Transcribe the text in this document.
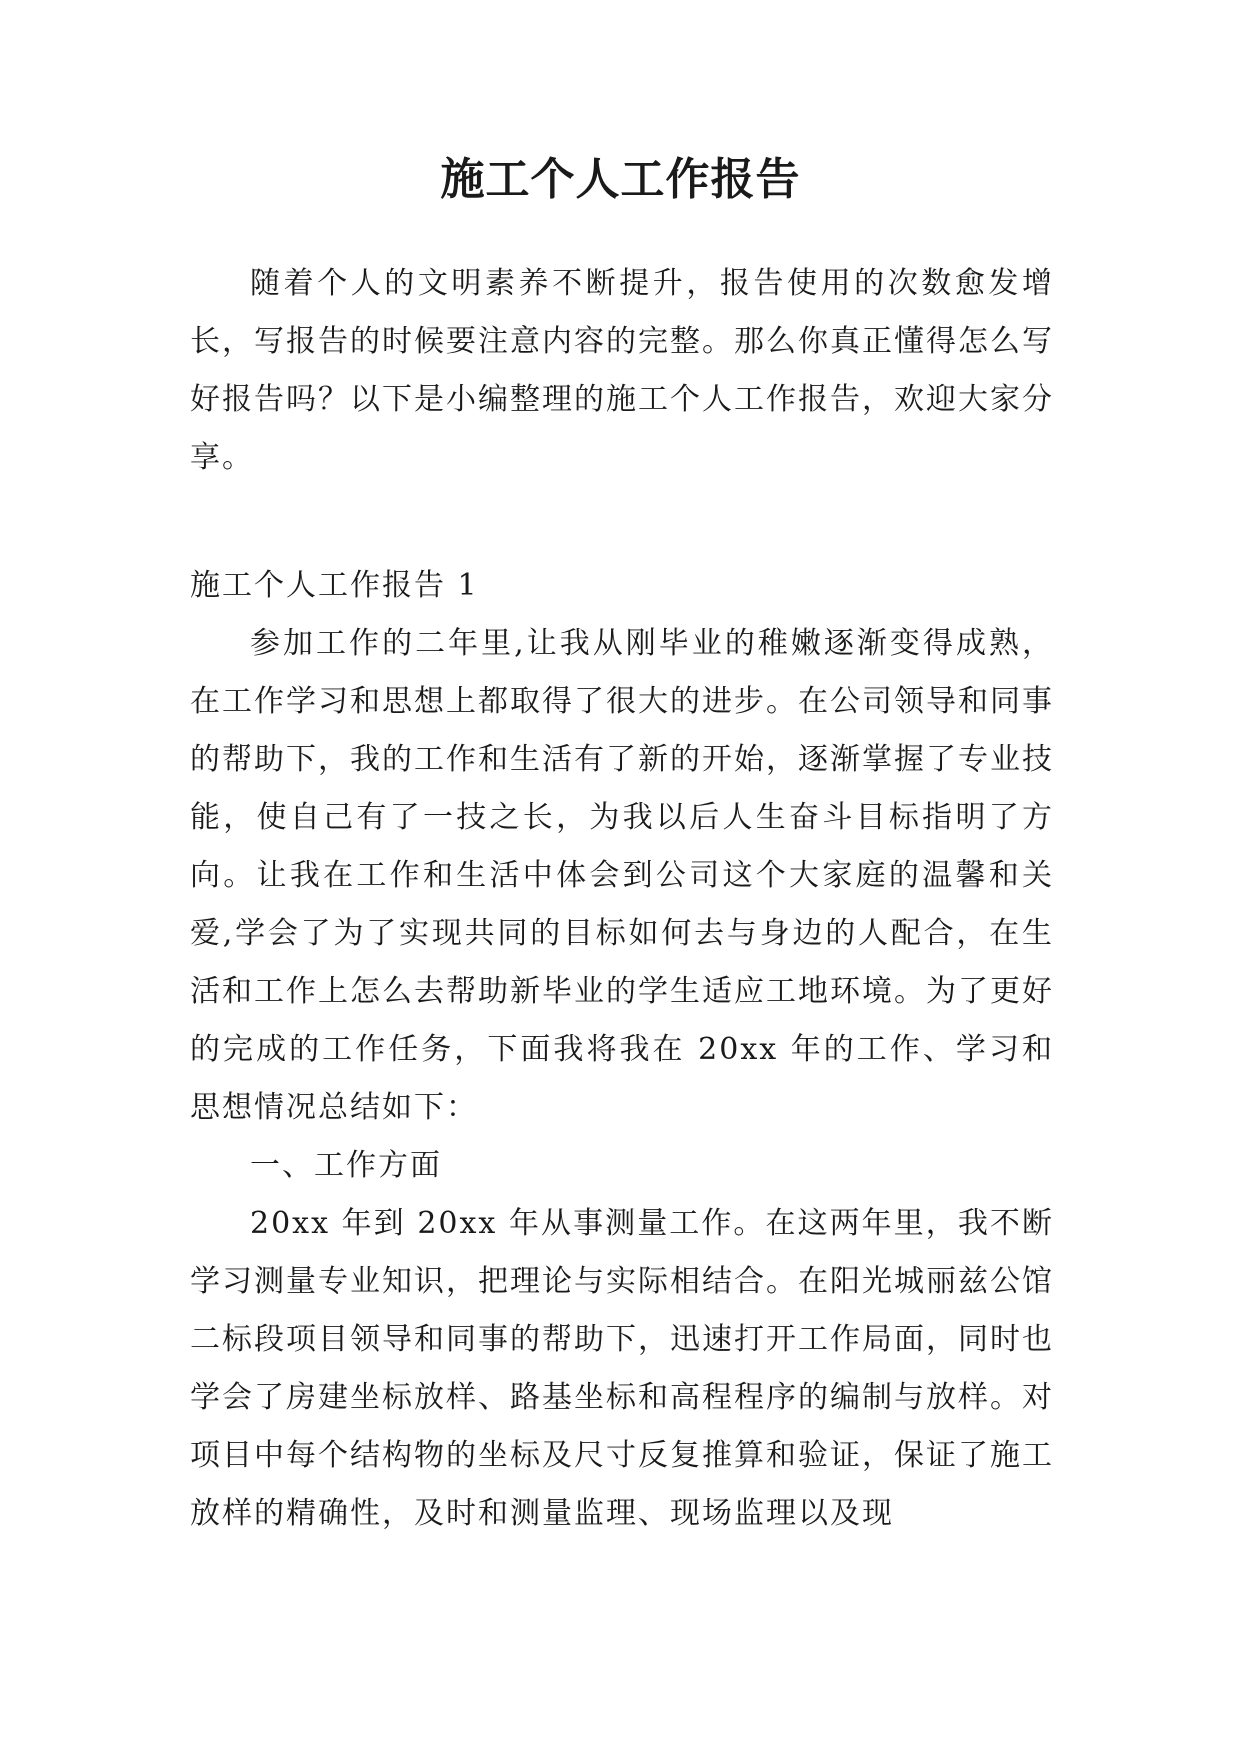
施工个人工作报告

随着个人的文明素养不断提升，报告使用的次数愈发增长，写报告的时候要注意内容的完整。那么你真正懂得怎么写好报告吗？以下是小编整理的施工个人工作报告，欢迎大家分享。

施工个人工作报告 1

参加工作的二年里,让我从刚毕业的稚嫩逐渐变得成熟，在工作学习和思想上都取得了很大的进步。在公司领导和同事的帮助下，我的工作和生活有了新的开始，逐渐掌握了专业技能，使自己有了一技之长，为我以后人生奋斗目标指明了方向。让我在工作和生活中体会到公司这个大家庭的温馨和关爱,学会了为了实现共同的目标如何去与身边的人配合，在生活和工作上怎么去帮助新毕业的学生适应工地环境。为了更好的完成的工作任务，下面我将我在 20xx 年的工作、学习和思想情况总结如下：

一、工作方面

20xx 年到 20xx 年从事测量工作。在这两年里，我不断学习测量专业知识，把理论与实际相结合。在阳光城丽兹公馆二标段项目领导和同事的帮助下，迅速打开工作局面，同时也学会了房建坐标放样、路基坐标和高程程序的编制与放样。对项目中每个结构物的坐标及尺寸反复推算和验证，保证了施工放样的精确性，及时和测量监理、现场监理以及现
